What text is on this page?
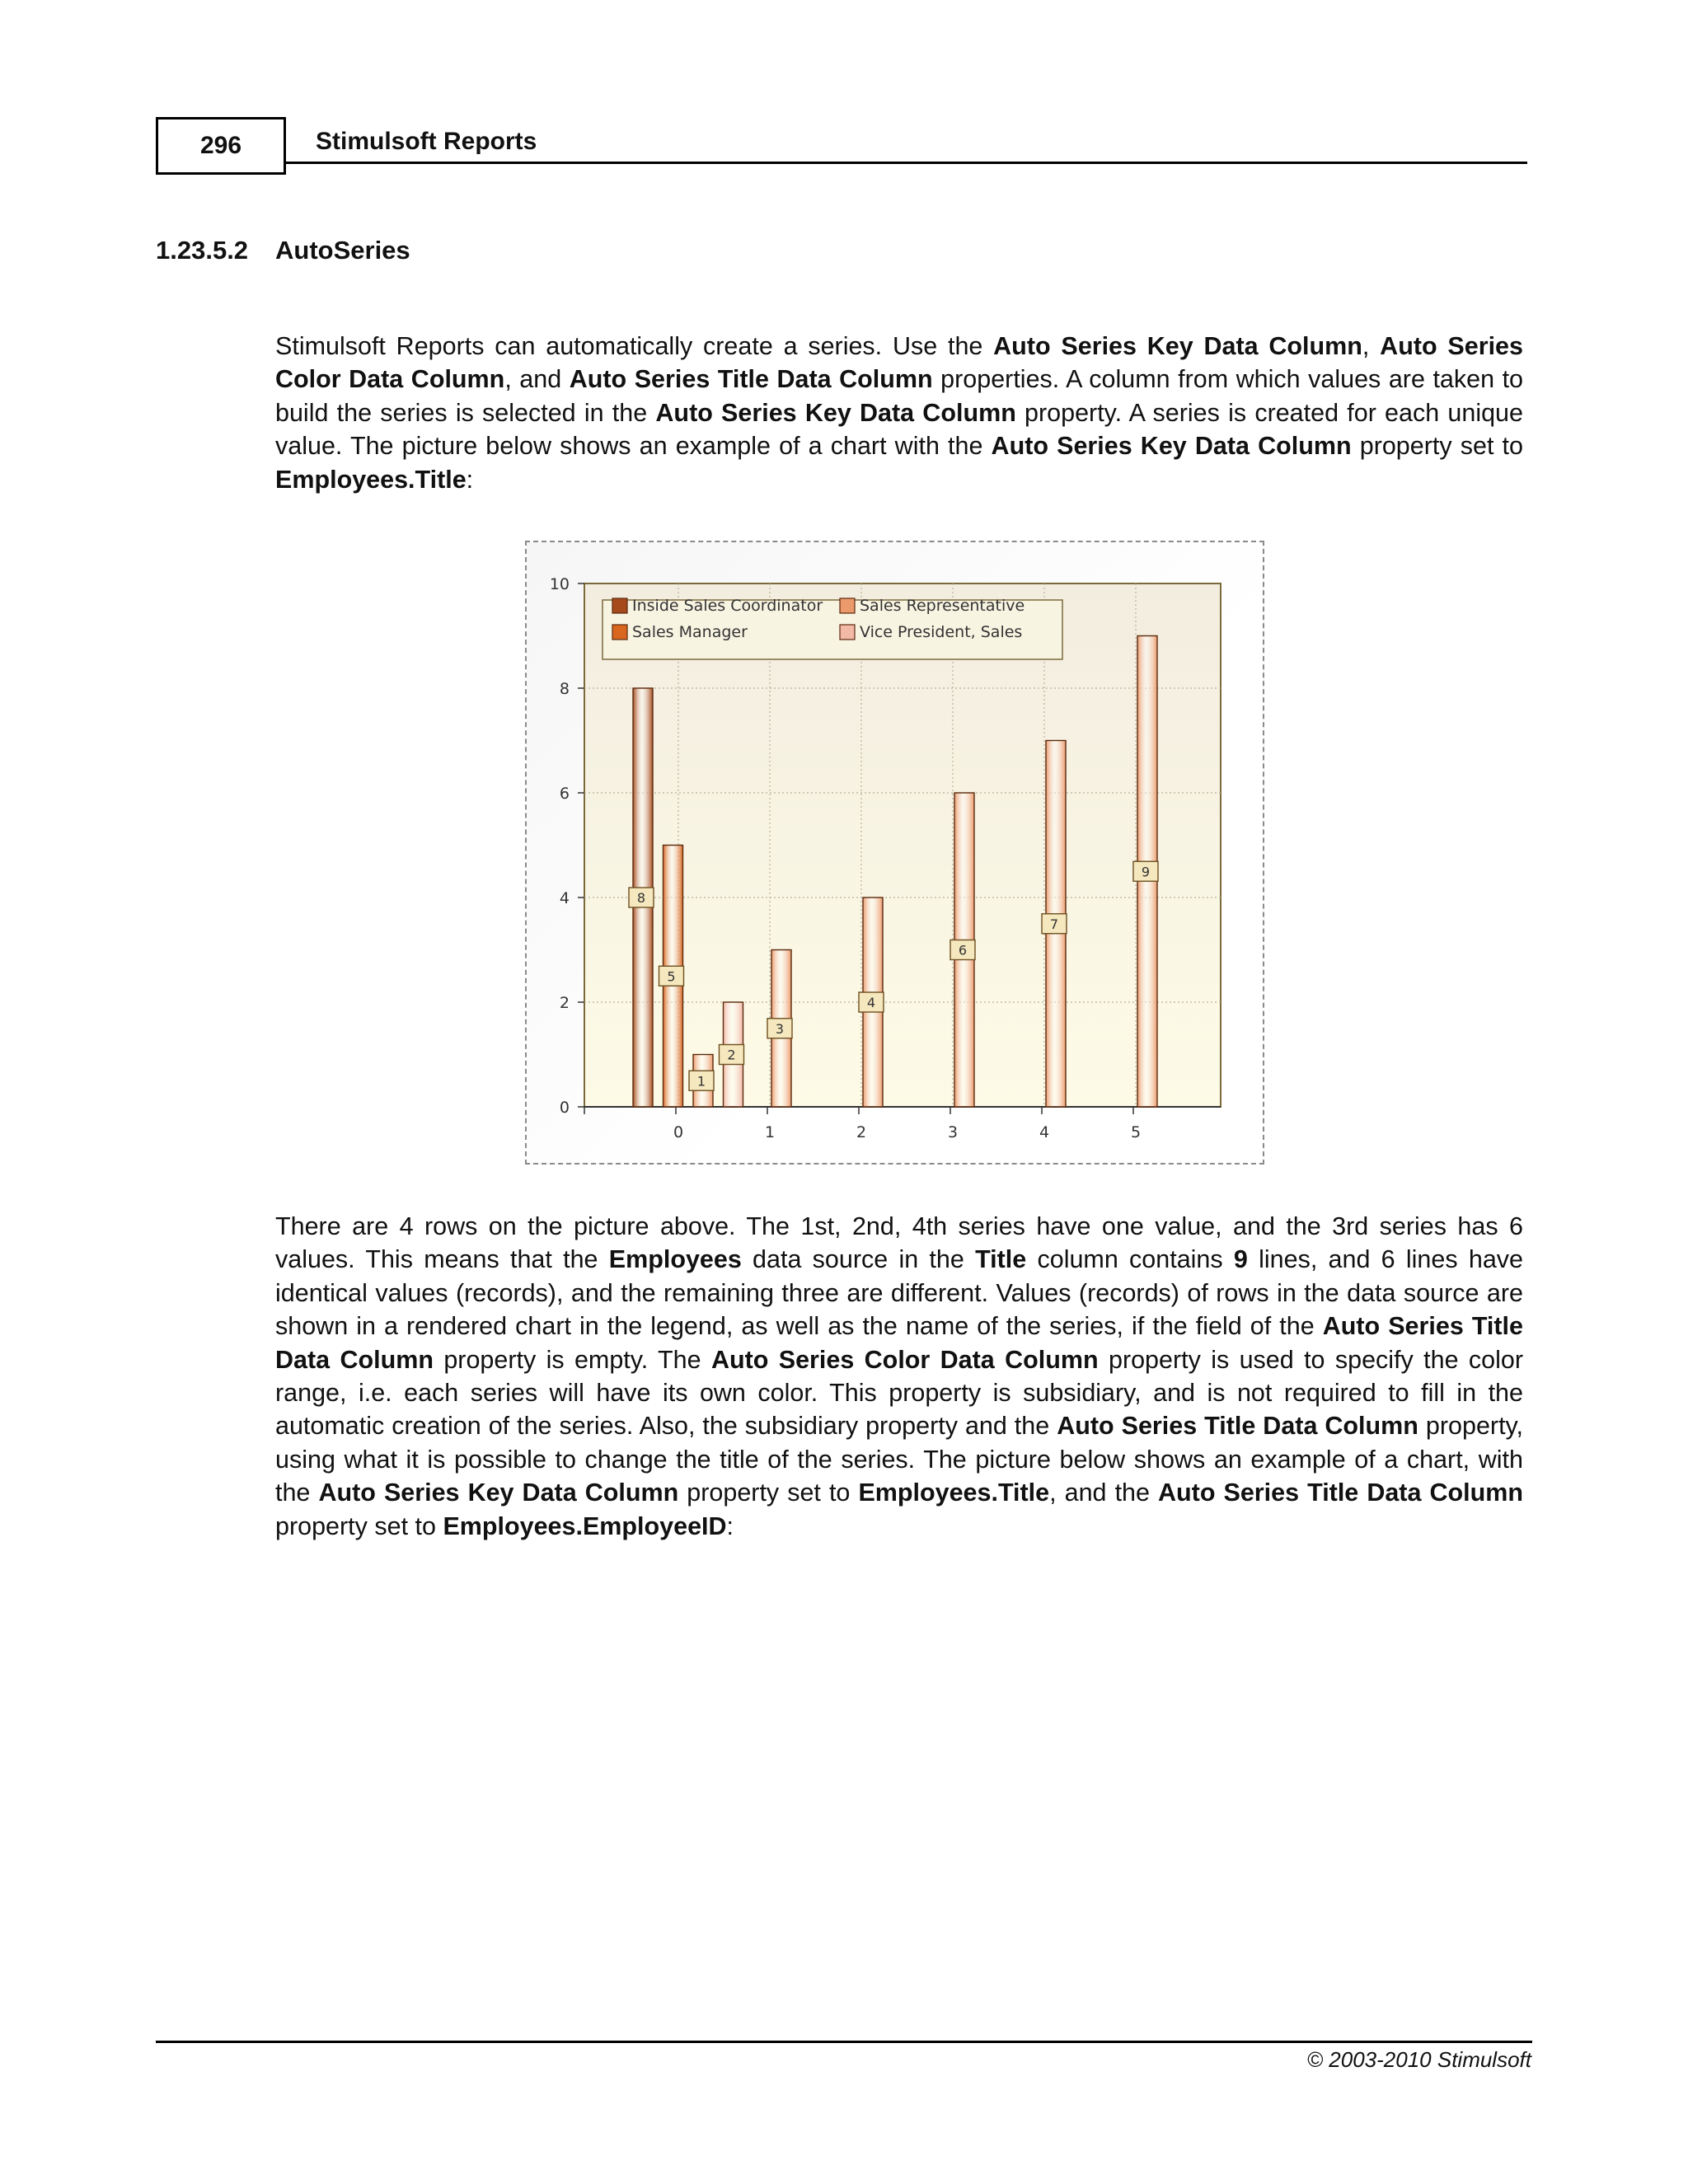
296	Stimulsoft Reports
1.23.5.2 AutoSeries
Stimulsoft Reports can automatically create a series. Use the Auto Series Key Data Column, Auto Series Color Data Column, and Auto Series Title Data Column properties. A column from which values are taken to build the series is selected in the Auto Series Key Data Column property. A series is created for each unique value. The picture below shows an example of a chart with the Auto Series Key Data Column property set to Employees.Title:
0
2
4
6
8
10
0	1	2	3	4	5
8
5
1
3
4
6
7
9
2
Inside Sales Coordinator
Sales Manager
Sales Representative
Vice President, Sales
There are 4 rows on the picture above. The 1st, 2nd, 4th series have one value, and the 3rd series has 6 values. This means that the Employees data source in the Title column contains 9 lines, and 6 lines have identical values (records), and the remaining three are different. Values (records) of rows in the data source are shown in a rendered chart in the legend, as well as the name of the series, if the field of the Auto Series Title Data Column property is empty. The Auto Series Color Data Column property is used to specify the color range, i.e. each series will have its own color. This property is subsidiary, and is not required to fill in the automatic creation of the series. Also, the subsidiary property and the Auto Series Title Data Column property, using what it is possible to change the title of the series. The picture below shows an example of a chart, with the Auto Series Key Data Column property set to Employees.Title, and the Auto Series Title Data Column property set to Employees.EmployeeID:
© 2003-2010 Stimulsoft
